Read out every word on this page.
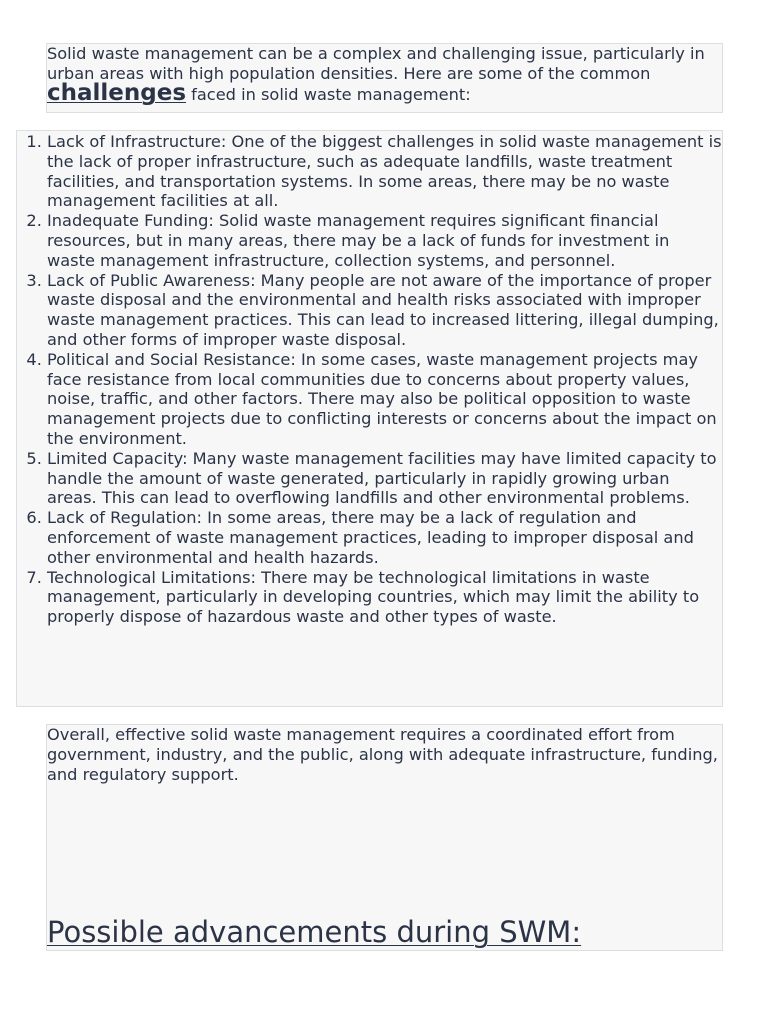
Solid waste management can be a complex and challenging issue, particularly in urban areas with high population densities. Here are some of the common challenges faced in solid waste management:

1. Lack of Infrastructure: One of the biggest challenges in solid waste management is the lack of proper infrastructure, such as adequate landfills, waste treatment facilities, and transportation systems. In some areas, there may be no waste management facilities at all.
2. Inadequate Funding: Solid waste management requires significant financial resources, but in many areas, there may be a lack of funds for investment in waste management infrastructure, collection systems, and personnel.
3. Lack of Public Awareness: Many people are not aware of the importance of proper waste disposal and the environmental and health risks associated with improper waste management practices. This can lead to increased littering, illegal dumping, and other forms of improper waste disposal.
4. Political and Social Resistance: In some cases, waste management projects may face resistance from local communities due to concerns about property values, noise, traffic, and other factors. There may also be political opposition to waste management projects due to conflicting interests or concerns about the impact on the environment.
5. Limited Capacity: Many waste management facilities may have limited capacity to handle the amount of waste generated, particularly in rapidly growing urban areas. This can lead to overflowing landfills and other environmental problems.
6. Lack of Regulation: In some areas, there may be a lack of regulation and enforcement of waste management practices, leading to improper disposal and other environmental and health hazards.
7. Technological Limitations: There may be technological limitations in waste management, particularly in developing countries, which may limit the ability to properly dispose of hazardous waste and other types of waste.

Overall, effective solid waste management requires a coordinated effort from government, industry, and the public, along with adequate infrastructure, funding, and regulatory support.

Possible advancements during SWM:
